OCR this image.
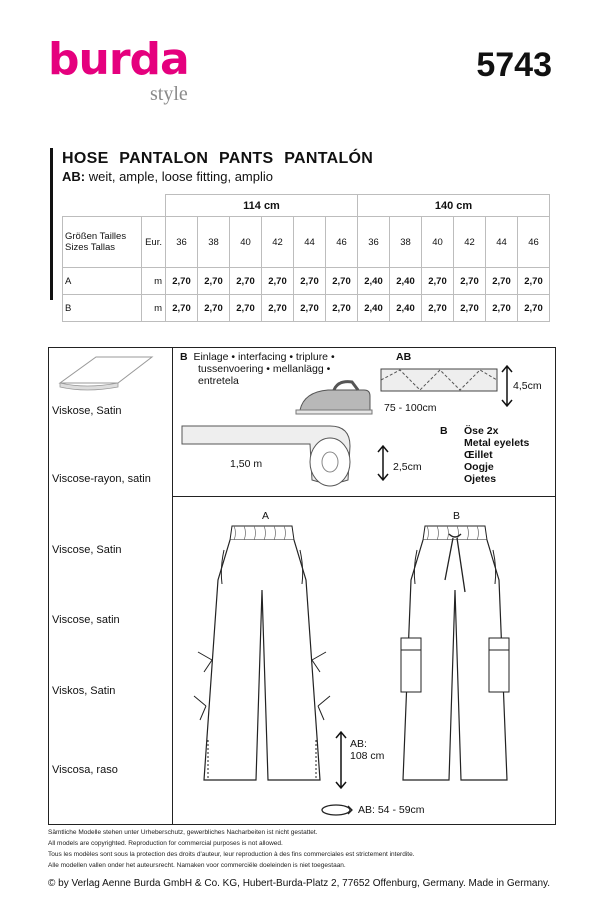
burda
style
5743
HOSE PANTALON PANTS PANTALÓN
AB: weit, ample, loose fitting, amplio
		114 cm						140 cm					

Größen Tailles
Sizes Tallas	Eur.	36	38	40	42	44	46	36	38	40	42	44	46
A	m	2,70	2,70	2,70	2,70	2,70	2,70	2,40	2,40	2,70	2,70	2,70	2,70
B	m	2,70	2,70	2,70	2,70	2,70	2,70	2,40	2,40	2,70	2,70	2,70	2,70
Viskose, Satin
Viscose-rayon, satin
Viscose, Satin
Viscose, satin
Viskos, Satin
Viscosa, raso
B Einlage • interfacing • triplure •
tussenvoering • mellanlägg •
entretela
AB
4,5cm
75 - 100cm
1,50 m	2,5cm
B Öse 2x
Metal eyelets
Œillet
Oogje
Ojetes
A	B
AB:
108 cm
AB: 54 - 59cm
Sämtliche Modelle stehen unter Urheberschutz, gewerbliches Nacharbeiten ist nicht gestattet.
All models are copyrighted. Reproduction for commercial purposes is not allowed.
Tous les modèles sont sous la protection des droits d'auteur, leur reproduction à des fins commerciales est strictement interdite.
Alle modellen vallen onder het auteursrecht. Namaken voor commerciële doeleinden is niet toegestaan.
© by Verlag Aenne Burda GmbH & Co. KG, Hubert-Burda-Platz 2, 77652 Offenburg, Germany. Made in Germany.
